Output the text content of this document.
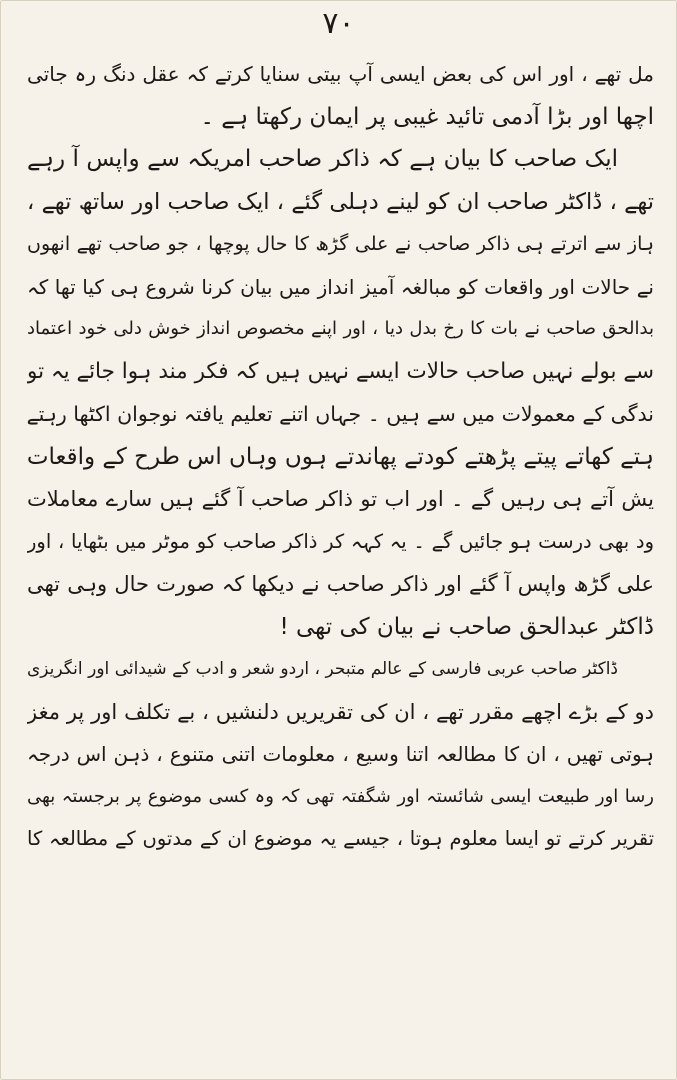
۷۰
مل تھے ، اور اس کی بعض ایسی آپ بیتی سنایا کرتے کہ عقل دنگ رہ جاتی
اچھا اور بڑا آدمی تائید غیبی پر ایمان رکھتا ہے ۔
ایک صاحب کا بیان ہے کہ ذاکر صاحب امریکہ سے واپس آ رہے
تھے ، ڈاکٹر صاحب ان کو لینے دہلی گئے ، ایک صاحب اور ساتھ تھے ،
ہاز سے اترتے ہی ذاکر صاحب نے علی گڑھ کا حال پوچھا ، جو صاحب تھے انھوں
نے حالات اور واقعات کو مبالغہ آمیز انداز میں بیان کرنا شروع ہی کیا تھا کہ
بدالحق صاحب نے بات کا رخ بدل دیا ، اور اپنے مخصوص انداز خوش دلی خود اعتماد
سے بولے نہیں صاحب حالات ایسے نہیں ہیں کہ فکر مند ہوا جائے یہ تو
ندگی کے معمولات میں سے ہیں ۔ جہاں اتنے تعلیم یافتہ نوجوان اکٹھا رہتے
ہتے کھاتے پیتے پڑھتے کودتے پھاندتے ہوں وہاں اس طرح کے واقعات
یش آتے ہی رہیں گے ۔ اور اب تو ذاکر صاحب آ گئے ہیں سارے معاملات
ود بھی درست ہو جائیں گے ۔ یہ کہہ کر ذاکر صاحب کو موٹر میں بٹھایا ، اور
علی گڑھ واپس آ گئے اور ذاکر صاحب نے دیکھا کہ صورت حال وہی تھی
ڈاکٹر عبدالحق صاحب نے بیان کی تھی !
ڈاکٹر صاحب عربی فارسی کے عالم متبحر ، اردو شعر و ادب کے شیدائی اور انگریزی
دو کے بڑے اچھے مقرر تھے ، ان کی تقریریں دلنشیں ، بے تکلف اور پر مغز
ہوتی تھیں ، ان کا مطالعہ اتنا وسیع ، معلومات اتنی متنوع ، ذہن اس درجہ
رسا اور طبیعت ایسی شائستہ اور شگفتہ تھی کہ وہ کسی موضوع پر برجستہ بھی
تقریر کرتے تو ایسا معلوم ہوتا ، جیسے یہ موضوع ان کے مدتوں کے مطالعہ کا
